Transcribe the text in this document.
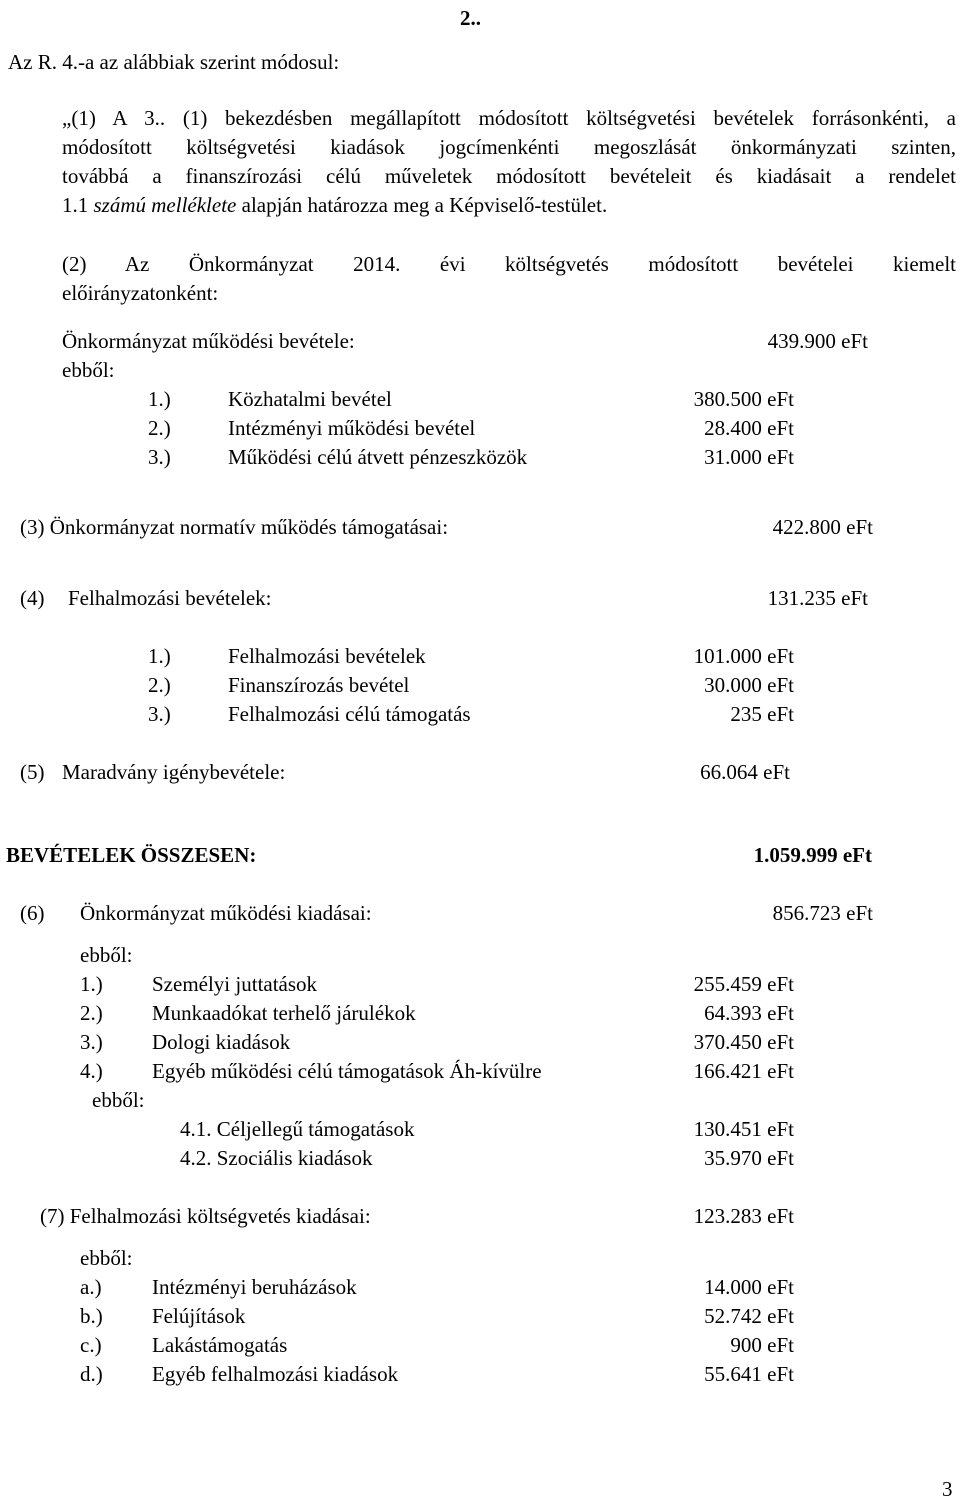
Az R. 4.-a az alábbiak szerint módosul:
2..
„(1) A 3.. (1) bekezdésben megállapított módosított költségvetési bevételek forrásonkénti, a
módosított költségvetési kiadások jogcímenkénti megoszlását önkormányzati szinten,
továbbá a finanszírozási célú műveletek módosított bevételeit és kiadásait a rendelet
1.1 számú melléklete alapján határozza meg a Képviselő-testület.
(2) Az Önkormányzat 2014. évi költségvetés módosított bevételei kiemelt
előirányzatonként:
Önkormányzat működési bevétele:	439.900 eFt
ebből:
1.)	Közhatalmi bevétel	380.500 eFt
2.)	Intézményi működési bevétel	28.400 eFt
3.)	Működési célú átvett pénzeszközök	31.000 eFt
(3) Önkormányzat normatív működés támogatásai:	422.800 eFt
(4) Felhalmozási bevételek:	131.235 eFt
1.)	Felhalmozási bevételek	101.000 eFt
2.)	Finanszírozás bevétel	30.000 eFt
3.)	Felhalmozási célú támogatás	235 eFt
(5) Maradvány igénybevétele:	66.064 eFt
BEVÉTELEK ÖSSZESEN:	1.059.999 eFt
(6) Önkormányzat működési kiadásai:	856.723 eFt
ebből:
1.) Személyi juttatások	255.459 eFt
2.) Munkaadókat terhelő járulékok	64.393 eFt
3.) Dologi kiadások	370.450 eFt
4.) Egyéb működési célú támogatások Áh-kívülre	166.421 eFt
ebből:
4.1. Céljellegű támogatások	130.451 eFt
4.2. Szociális kiadások	35.970 eFt
(7) Felhalmozási költségvetés kiadásai:	123.283 eFt
ebből:
a.) Intézményi beruházások	14.000 eFt
b.) Felújítások	52.742 eFt
c.) Lakástámogatás	900 eFt
d.) Egyéb felhalmozási kiadások	55.641 eFt
3
